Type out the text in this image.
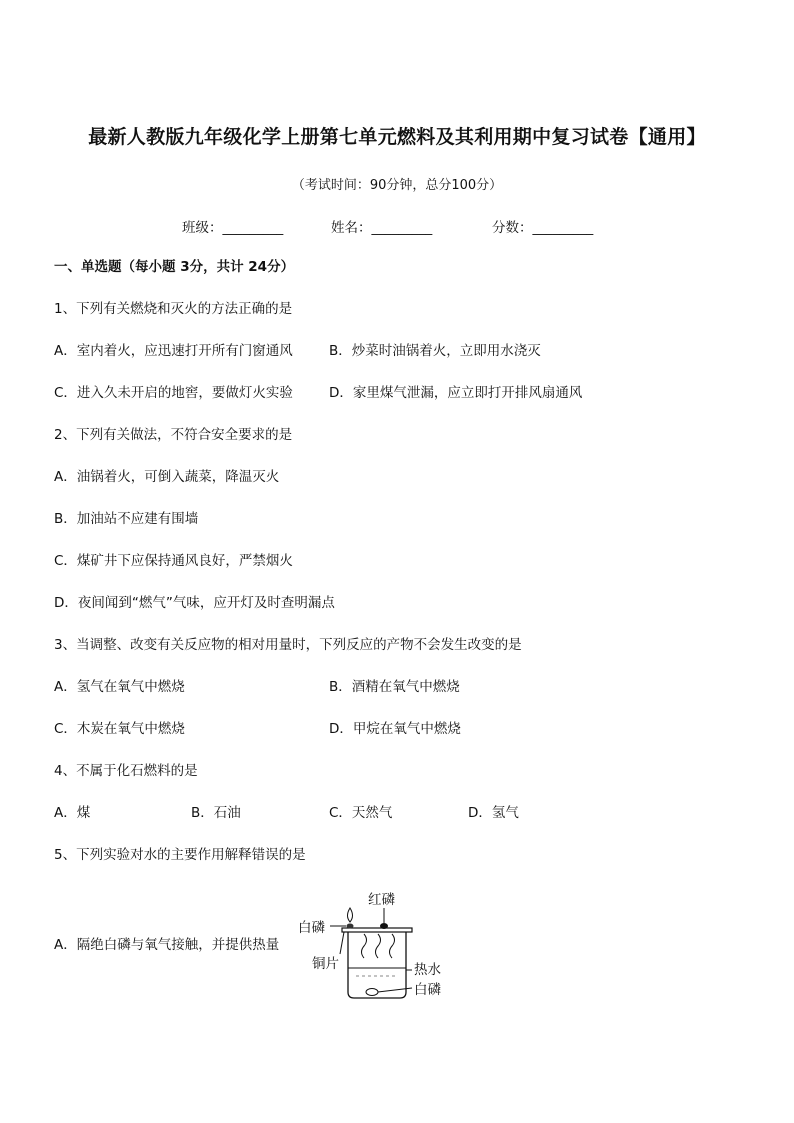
最新人教版九年级化学上册第七单元燃料及其利用期中复习试卷【通用】
（考试时间：90分钟，总分100分）
班级：_________	姓名：_________	分数：_________
一、单选题（每小题 3分，共计 24分）
1、下列有关燃烧和灭火的方法正确的是
A．室内着火，应迅速打开所有门窗通风	B．炒菜时油锅着火，立即用水浇灭
C．进入久未开启的地窖，要做灯火实验	D．家里煤气泄漏，应立即打开排风扇通风
2、下列有关做法，不符合安全要求的是
A．油锅着火，可倒入蔬菜，降温灭火
B．加油站不应建有围墙
C．煤矿井下应保持通风良好，严禁烟火
D．夜间闻到“燃气”气味，应开灯及时查明漏点
3、当调整、改变有关反应物的相对用量时，下列反应的产物不会发生改变的是
A．氢气在氧气中燃烧	B．酒精在氧气中燃烧
C．木炭在氧气中燃烧	D．甲烷在氧气中燃烧
4、不属于化石燃料的是
A．煤	B．石油	C．天然气	D．氢气
5、下列实验对水的主要作用解释错误的是
A．隔绝白磷与氧气接触，并提供热量
红磷
白磷
铜片	热水
白磷
